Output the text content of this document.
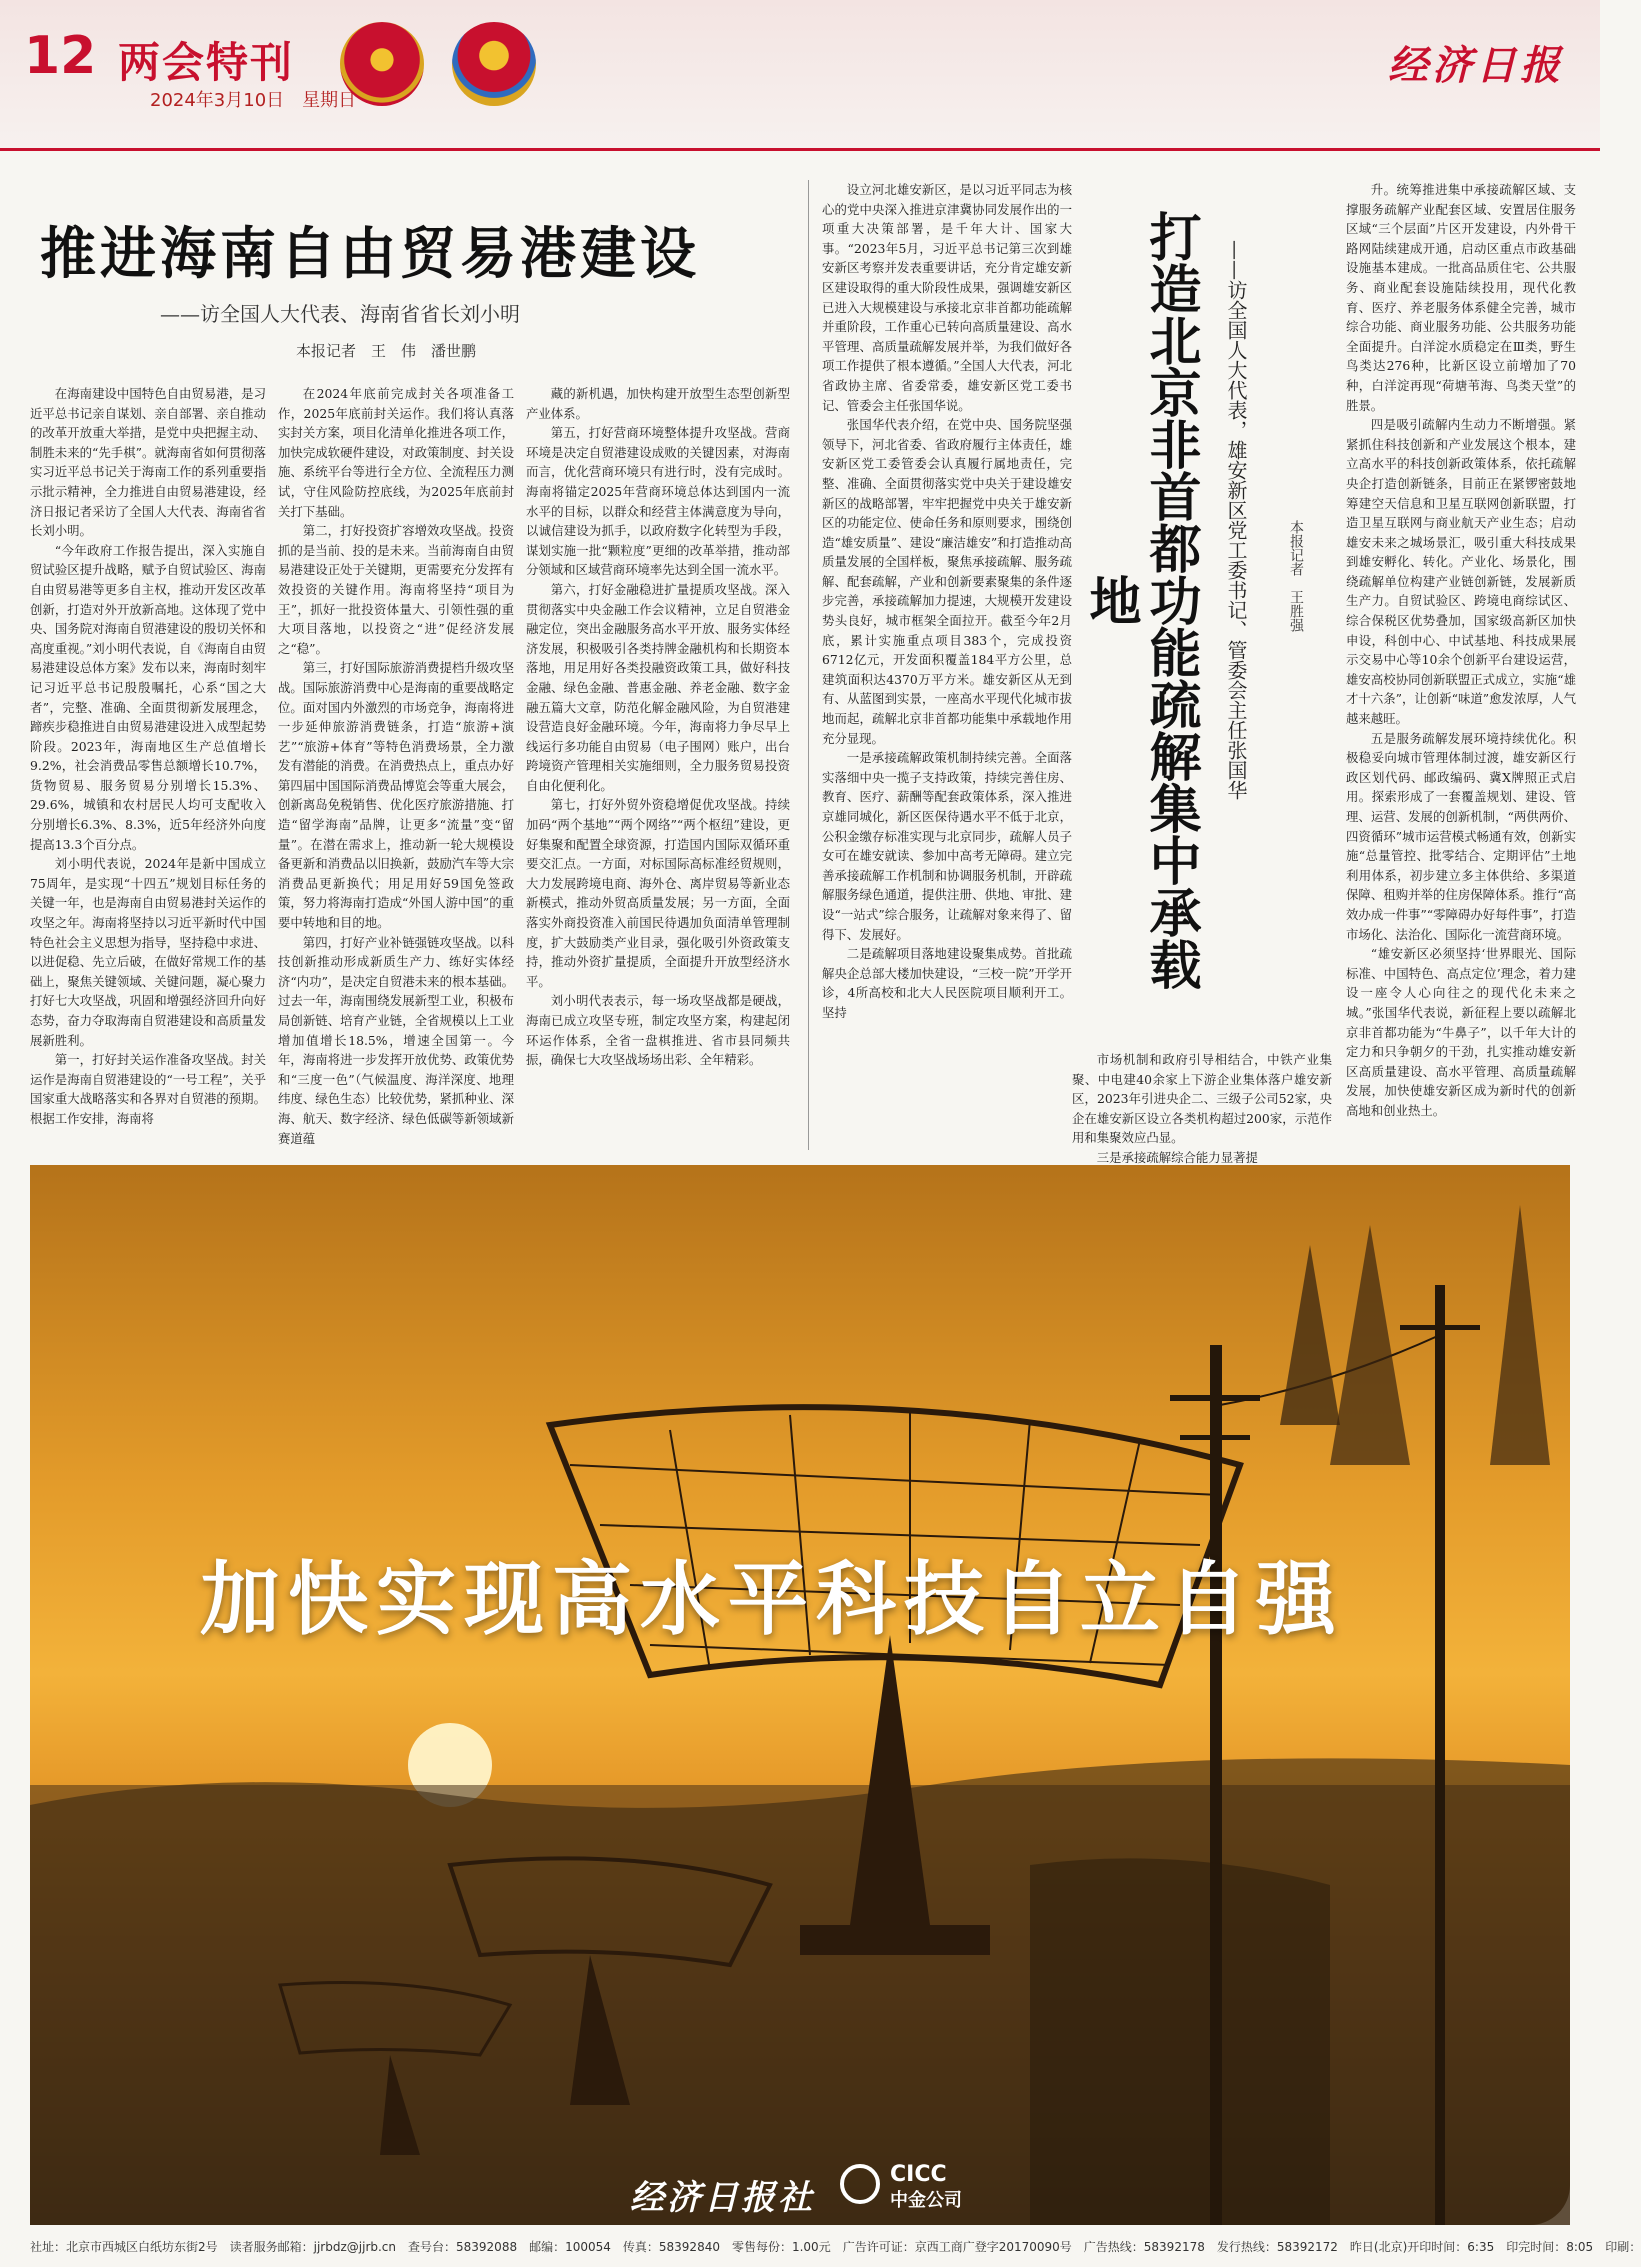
12 两会特刊
2024年3月10日　星期日
经济日报
推进海南自由贸易港建设
——访全国人大代表、海南省省长刘小明
本报记者　王　伟　潘世鹏

在海南建设中国特色自由贸易港，是习近平总书记亲自谋划、亲自部署、亲自推动的改革开放重大举措，是党中央把握主动、制胜未来的“先手棋”。就海南省如何贯彻落实习近平总书记关于海南工作的系列重要指示批示精神，全力推进自由贸易港建设，经济日报记者采访了全国人大代表、海南省省长刘小明。

“今年政府工作报告提出，深入实施自贸试验区提升战略，赋予自贸试验区、海南自由贸易港等更多自主权，推动开发区改革创新，打造对外开放新高地。这体现了党中央、国务院对海南自贸港建设的殷切关怀和高度重视。”刘小明代表说，自《海南自由贸易港建设总体方案》发布以来，海南时刻牢记习近平总书记殷殷嘱托，心系“国之大者”，完整、准确、全面贯彻新发展理念，蹄疾步稳推进自由贸易港建设进入成型起势阶段。2023年，海南地区生产总值增长9.2%，社会消费品零售总额增长10.7%，货物贸易、服务贸易分别增长15.3%、29.6%，城镇和农村居民人均可支配收入分别增长6.3%、8.3%，近5年经济外向度提高13.3个百分点。

刘小明代表说，2024年是新中国成立75周年，是实现“十四五”规划目标任务的关键一年，也是海南自由贸易港封关运作的攻坚之年。海南将坚持以习近平新时代中国特色社会主义思想为指导，坚持稳中求进、以进促稳、先立后破，在做好常规工作的基础上，聚焦关键领域、关键问题，凝心聚力打好七大攻坚战，巩固和增强经济回升向好态势，奋力夺取海南自贸港建设和高质量发展新胜利。

第一，打好封关运作准备攻坚战。封关运作是海南自贸港建设的“一号工程”，关乎国家重大战略落实和各界对自贸港的预期。根据工作安排，海南将

在2024年底前完成封关各项准备工作，2025年底前封关运作。我们将认真落实封关方案，项目化清单化推进各项工作，加快完成软硬件建设，对政策制度、封关设施、系统平台等进行全方位、全流程压力测试，守住风险防控底线，为2025年底前封关打下基础。

第二，打好投资扩容增效攻坚战。投资抓的是当前、投的是未来。当前海南自由贸易港建设正处于关键期，更需要充分发挥有效投资的关键作用。海南将坚持“项目为王”，抓好一批投资体量大、引领性强的重大项目落地，以投资之“进”促经济发展之“稳”。

第三，打好国际旅游消费提档升级攻坚战。国际旅游消费中心是海南的重要战略定位。面对国内外激烈的市场竞争，海南将进一步延伸旅游消费链条，打造“旅游+演艺”“旅游+体育”等特色消费场景，全力激发有潜能的消费。在消费热点上，重点办好第四届中国国际消费品博览会等重大展会，创新离岛免税销售、优化医疗旅游措施、打造“留学海南”品牌，让更多“流量”变“留量”。在潜在需求上，推动新一轮大规模设备更新和消费品以旧换新，鼓励汽车等大宗消费品更新换代；用足用好59国免签政策，努力将海南打造成“外国人游中国”的重要中转地和目的地。

第四，打好产业补链强链攻坚战。以科技创新推动形成新质生产力、练好实体经济“内功”，是决定自贸港未来的根本基础。过去一年，海南围绕发展新型工业，积极布局创新链、培育产业链，全省规模以上工业增加值增长18.5%，增速全国第一。今年，海南将进一步发挥开放优势、政策优势和“三度一色”（气候温度、海洋深度、地理纬度、绿色生态）比较优势，紧抓种业、深海、航天、数字经济、绿色低碳等新领域新赛道蕴

藏的新机遇，加快构建开放型生态型创新型产业体系。

第五，打好营商环境整体提升攻坚战。营商环境是决定自贸港建设成败的关键因素，对海南而言，优化营商环境只有进行时，没有完成时。海南将锚定2025年营商环境总体达到国内一流水平的目标，以群众和经营主体满意度为导向，以诚信建设为抓手，以政府数字化转型为手段，谋划实施一批“颗粒度”更细的改革举措，推动部分领域和区域营商环境率先达到全国一流水平。

第六，打好金融稳进扩量提质攻坚战。深入贯彻落实中央金融工作会议精神，立足自贸港金融定位，突出金融服务高水平开放、服务实体经济发展，积极吸引各类持牌金融机构和长期资本落地，用足用好各类投融资政策工具，做好科技金融、绿色金融、普惠金融、养老金融、数字金融五篇大文章，防范化解金融风险，为自贸港建设营造良好金融环境。今年，海南将力争尽早上线运行多功能自由贸易（电子围网）账户，出台跨境资产管理相关实施细则，全力服务贸易投资自由化便利化。

第七，打好外贸外资稳增促优攻坚战。持续加码“两个基地”“两个网络”“两个枢纽”建设，更好集聚和配置全球资源，打造国内国际双循环重要交汇点。一方面，对标国际高标准经贸规则，大力发展跨境电商、海外仓、离岸贸易等新业态新模式，推动外贸高质量发展；另一方面，全面落实外商投资准入前国民待遇加负面清单管理制度，扩大鼓励类产业目录，强化吸引外资政策支持，推动外资扩量提质，全面提升开放型经济水平。

刘小明代表表示，每一场攻坚战都是硬战，海南已成立攻坚专班，制定攻坚方案，构建起闭环运作体系，全省一盘棋推进、省市县同频共振，确保七大攻坚战场场出彩、全年精彩。

设立河北雄安新区，是以习近平同志为核心的党中央深入推进京津冀协同发展作出的一项重大决策部署，是千年大计、国家大事。“2023年5月，习近平总书记第三次到雄安新区考察并发表重要讲话，充分肯定雄安新区建设取得的重大阶段性成果，强调雄安新区已进入大规模建设与承接北京非首都功能疏解并重阶段，工作重心已转向高质量建设、高水平管理、高质量疏解发展并举，为我们做好各项工作提供了根本遵循。”全国人大代表，河北省政协主席、省委常委，雄安新区党工委书记、管委会主任张国华说。

张国华代表介绍，在党中央、国务院坚强领导下，河北省委、省政府履行主体责任，雄安新区党工委管委会认真履行属地责任，完整、准确、全面贯彻落实党中央关于建设雄安新区的战略部署，牢牢把握党中央关于雄安新区的功能定位、使命任务和原则要求，围绕创造“雄安质量”、建设“廉洁雄安”和打造推动高质量发展的全国样板，聚焦承接疏解、服务疏解、配套疏解，产业和创新要素聚集的条件逐步完善，承接疏解加力提速，大规模开发建设势头良好，城市框架全面拉开。截至今年2月底，累计实施重点项目383个，完成投资6712亿元，开发面积覆盖184平方公里，总建筑面积达4370万平方米。雄安新区从无到有、从蓝图到实景，一座高水平现代化城市拔地而起，疏解北京非首都功能集中承载地作用充分显现。

一是承接疏解政策机制持续完善。全面落实落细中央一揽子支持政策，持续完善住房、教育、医疗、薪酬等配套政策体系，深入推进京雄同城化，新区医保待遇水平不低于北京，公积金缴存标准实现与北京同步，疏解人员子女可在雄安就读、参加中高考无障碍。建立完善承接疏解工作机制和协调服务机制，开辟疏解服务绿色通道，提供注册、供地、审批、建设“一站式”综合服务，让疏解对象来得了、留得下、发展好。

二是疏解项目落地建设聚集成势。首批疏解央企总部大楼加快建设，“三校一院”开学开诊，4所高校和北大人民医院项目顺利开工。坚持

打造北京非首都功能疏解集中承载地	——访全国人大代表，雄安新区党工委书记、管委会主任张国华	本报记者　王胜强

市场机制和政府引导相结合，中铁产业集聚、中电建40余家上下游企业集体落户雄安新区，2023年引进央企二、三级子公司52家，央企在雄安新区设立各类机构超过200家，示范作用和集聚效应凸显。

三是承接疏解综合能力显著提

升。统筹推进集中承接疏解区域、支撑服务疏解产业配套区域、安置居住服务区域“三个层面”片区开发建设，内外骨干路网陆续建成开通，启动区重点市政基础设施基本建成。一批高品质住宅、公共服务、商业配套设施陆续投用，现代化教育、医疗、养老服务体系健全完善，城市综合功能、商业服务功能、公共服务功能全面提升。白洋淀水质稳定在Ⅲ类，野生鸟类达276种，比新区设立前增加了70种，白洋淀再现“荷塘苇海、鸟类天堂”的胜景。

四是吸引疏解内生动力不断增强。紧紧抓住科技创新和产业发展这个根本，建立高水平的科技创新政策体系，依托疏解央企打造创新链条，目前正在紧锣密鼓地筹建空天信息和卫星互联网创新联盟，打造卫星互联网与商业航天产业生态；启动雄安未来之城场景汇，吸引重大科技成果到雄安孵化、转化。产业化、场景化，围绕疏解单位构建产业链创新链，发展新质生产力。自贸试验区、跨境电商综试区、综合保税区优势叠加，国家级高新区加快申设，科创中心、中试基地、科技成果展示交易中心等10余个创新平台建设运营，雄安高校协同创新联盟正式成立，实施“雄才十六条”，让创新“味道”愈发浓厚，人气越来越旺。

五是服务疏解发展环境持续优化。积极稳妥向城市管理体制过渡，雄安新区行政区划代码、邮政编码、冀X牌照正式启用。探索形成了一套覆盖规划、建设、管理、运营、发展的创新机制，“两供两价、四资循环”城市运营模式畅通有效，创新实施“总量管控、批零结合、定期评估”土地利用体系，初步建立多主体供给、多渠道保障、租购并举的住房保障体系。推行“高效办成一件事”“零障碍办好每件事”，打造市场化、法治化、国际化一流营商环境。

“雄安新区必须坚持‘世界眼光、国际标准、中国特色、高点定位’理念，着力建设一座令人心向往之的现代化未来之城。”张国华代表说，新征程上要以疏解北京非首都功能为“牛鼻子”，以千年大计的定力和只争朝夕的干劲，扎实推动雄安新区高质量建设、高水平管理、高质量疏解发展，加快使雄安新区成为新时代的创新高地和创业热土。

加快实现高水平科技自立自强
经济日报社
CICC
中金公司
社址：北京市西城区白纸坊东街2号　读者服务邮箱：jjrbdz@jjrb.cn　查号台：58392088　邮编：100054　传真：58392840　零售每份：1.00元　广告许可证：京西工商广登字20170090号　广告热线：58392178　发行热线：58392172　昨日(北京)开印时间：6:35　印完时间：8:05　印刷：
